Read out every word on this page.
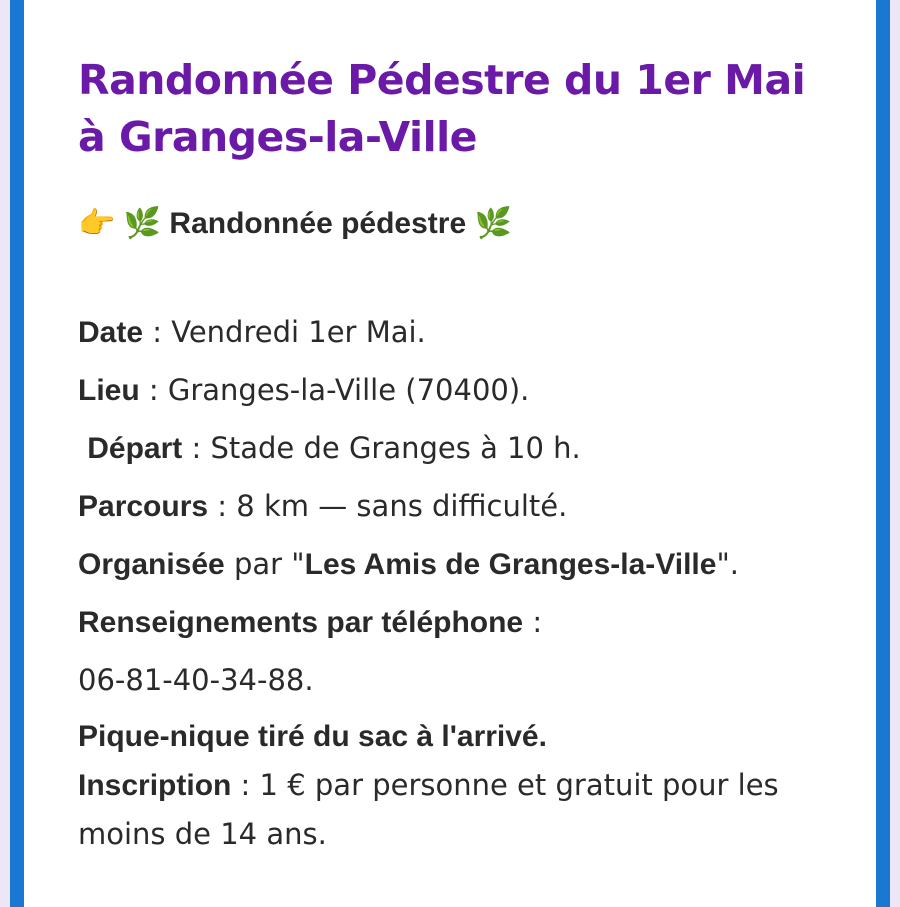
Randonnée Pédestre du 1er Mai à Granges-la-Ville
👉 🌿 Randonnée pédestre 🌿
Date : Vendredi 1er Mai.
Lieu : Granges-la-Ville (70400).
Départ : Stade de Granges à 10 h.
Parcours : 8 km — sans difficulté.
Organisée par "Les Amis de Granges-la-Ville".
Renseignements par téléphone :
06-81-40-34-88.
Pique-nique tiré du sac à l'arrivé.
Inscription : 1 € par personne et gratuit pour les moins de 14 ans.
